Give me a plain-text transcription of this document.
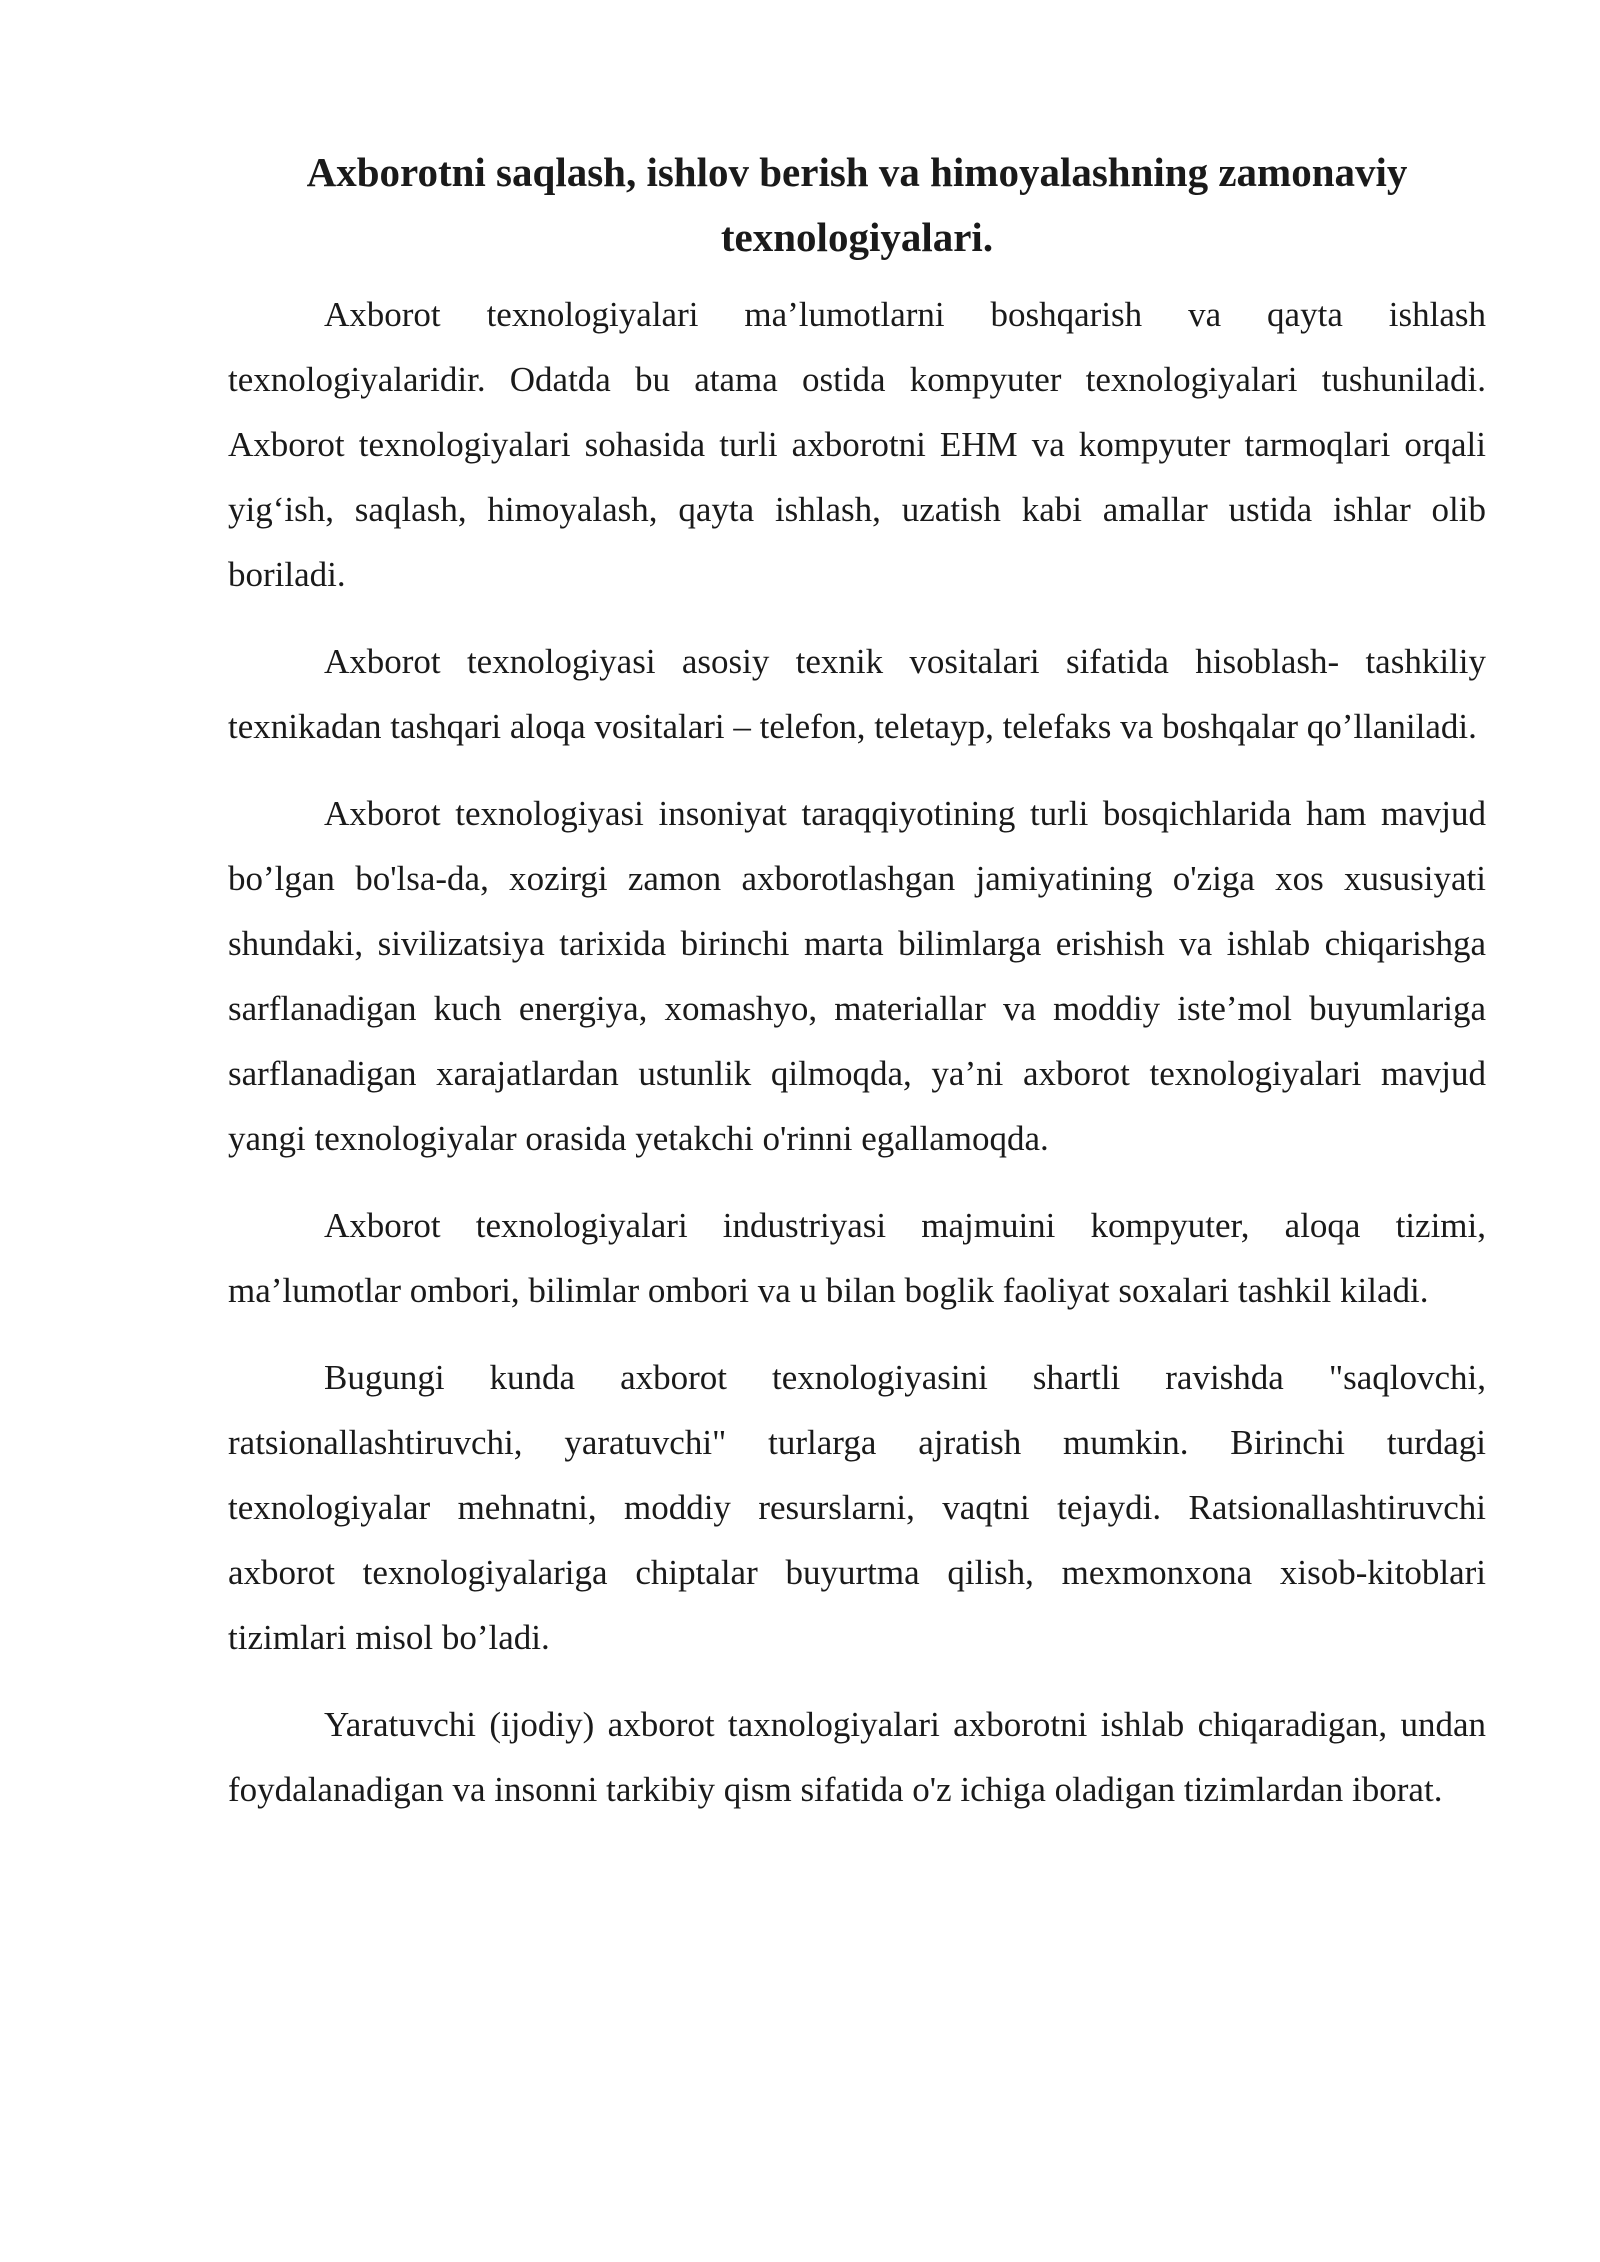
Axborotni saqlash, ishlov berish va himoyalashning zamonaviy texnologiyalari.

Axborot texnologiyalari ma’lumotlarni boshqarish va qayta ishlash texnologiyalaridir. Odatda bu atama ostida kompyuter texnologiyalari tushuniladi. Axborot texnologiyalari sohasida turli axborotni EHM va kompyuter tarmoqlari orqali yig‘ish, saqlash, himoyalash, qayta ishlash, uzatish kabi amallar ustida ishlar olib boriladi.

Axborot texnologiyasi asosiy texnik vositalari sifatida hisoblash- tashkiliy texnikadan tashqari aloqa vositalari – telefon, teletayp, telefaks va boshqalar qo’llaniladi.

Axborot texnologiyasi insoniyat taraqqiyotining turli bosqichlarida ham mavjud bo’lgan bo'lsa-da, xozirgi zamon axborotlashgan jamiyatining o'ziga xos xususiyati shundaki, sivilizatsiya tarixida birinchi marta bilimlarga erishish va ishlab chiqarishga sarflanadigan kuch energiya, xomashyo, materiallar va moddiy iste’mol buyumlariga sarflanadigan xarajatlardan ustunlik qilmoqda, ya’ni axborot texnologiyalari mavjud yangi texnologiyalar orasida yetakchi o'rinni egallamoqda.

Axborot texnologiyalari industriyasi majmuini kompyuter, aloqa tizimi, ma’lumotlar ombori, bilimlar ombori va u bilan boglik faoliyat soxalari tashkil kiladi.

Bugungi kunda axborot texnologiyasini shartli ravishda "saqlovchi, ratsionallashtiruvchi, yaratuvchi" turlarga ajratish mumkin. Birinchi turdagi texnologiyalar mehnatni, moddiy resurslarni, vaqtni tejaydi. Ratsionallashtiruvchi axborot texnologiyalariga chiptalar buyurtma qilish, mexmonxona xisob-kitoblari tizimlari misol bo’ladi.

Yaratuvchi (ijodiy) axborot taxnologiyalari axborotni ishlab chiqaradigan, undan foydalanadigan va insonni tarkibiy qism sifatida o'z ichiga oladigan tizimlardan iborat.
